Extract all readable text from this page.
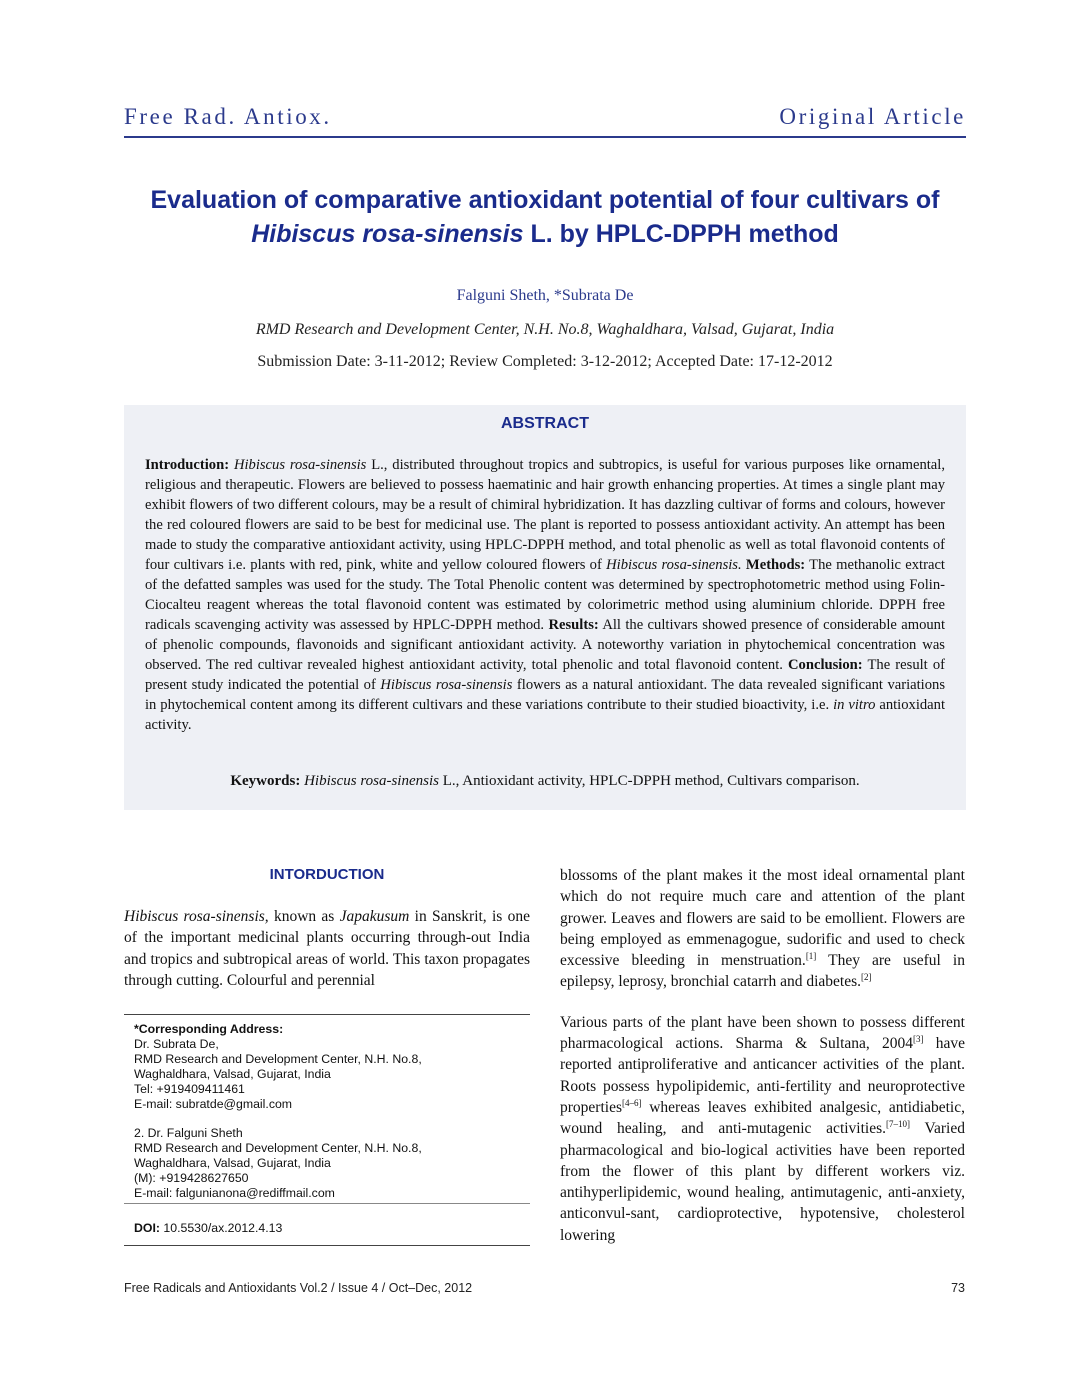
Free Rad. Antiox.	Original Article
Evaluation of comparative antioxidant potential of four cultivars of Hibiscus rosa-sinensis L. by HPLC-DPPH method
Falguni Sheth, *Subrata De
RMD Research and Development Center, N.H. No.8, Waghaldhara, Valsad, Gujarat, India
Submission Date: 3-11-2012; Review Completed: 3-12-2012; Accepted Date: 17-12-2012
ABSTRACT
Introduction: Hibiscus rosa-sinensis L., distributed throughout tropics and subtropics, is useful for various purposes like ornamental, religious and therapeutic. Flowers are believed to possess haematinic and hair growth enhancing properties. At times a single plant may exhibit flowers of two different colours, may be a result of chimiral hybridization. It has dazzling cultivar of forms and colours, however the red coloured flowers are said to be best for medicinal use. The plant is reported to possess antioxidant activity. An attempt has been made to study the comparative antioxidant activity, using HPLC-DPPH method, and total phenolic as well as total flavonoid contents of four cultivars i.e. plants with red, pink, white and yellow coloured flowers of Hibiscus rosa-sinensis. Methods: The methanolic extract of the defatted samples was used for the study. The Total Phenolic content was determined by spectrophotometric method using Folin-Ciocalteu reagent whereas the total flavonoid content was estimated by colorimetric method using aluminium chloride. DPPH free radicals scavenging activity was assessed by HPLC-DPPH method. Results: All the cultivars showed presence of considerable amount of phenolic compounds, flavonoids and significant antioxidant activity. A noteworthy variation in phytochemical concentration was observed. The red cultivar revealed highest antioxidant activity, total phenolic and total flavonoid content. Conclusion: The result of present study indicated the potential of Hibiscus rosa-sinensis flowers as a natural antioxidant. The data revealed significant variations in phytochemical content among its different cultivars and these variations contribute to their studied bioactivity, i.e. in vitro antioxidant activity.
Keywords: Hibiscus rosa-sinensis L., Antioxidant activity, HPLC-DPPH method, Cultivars comparison.
INTORDUCTION
Hibiscus rosa-sinensis, known as Japakusum in Sanskrit, is one of the important medicinal plants occurring through-out India and tropics and subtropical areas of world. This taxon propagates through cutting. Colourful and perennial
*Corresponding Address:
Dr. Subrata De,
RMD Research and Development Center, N.H. No.8,
Waghaldhara, Valsad, Gujarat, India
Tel: +919409411461
E-mail: subratde@gmail.com
2. Dr. Falguni Sheth
RMD Research and Development Center, N.H. No.8,
Waghaldhara, Valsad, Gujarat, India
(M): +919428627650
E-mail: falgunianona@rediffmail.com
DOI: 10.5530/ax.2012.4.13

blossoms of the plant makes it the most ideal ornamental plant which do not require much care and attention of the plant grower. Leaves and flowers are said to be emollient. Flowers are being employed as emmenagogue, sudorific and used to check excessive bleeding in menstruation.[1] They are useful in epilepsy, leprosy, bronchial catarrh and diabetes.[2]

Various parts of the plant have been shown to possess different pharmacological actions. Sharma & Sultana, 2004[3] have reported antiproliferative and anticancer activities of the plant. Roots possess hypolipidemic, anti-fertility and neuroprotective properties[4–6] whereas leaves exhibited analgesic, antidiabetic, wound healing, and anti-mutagenic activities.[7–10] Varied pharmacological and bio-logical activities have been reported from the flower of this plant by different workers viz. antihyperlipidemic, wound healing, antimutagenic, anti-anxiety, anticonvul-sant, cardioprotective, hypotensive, cholesterol lowering

Free Radicals and Antioxidants Vol.2 / Issue 4 / Oct–Dec, 2012	73
